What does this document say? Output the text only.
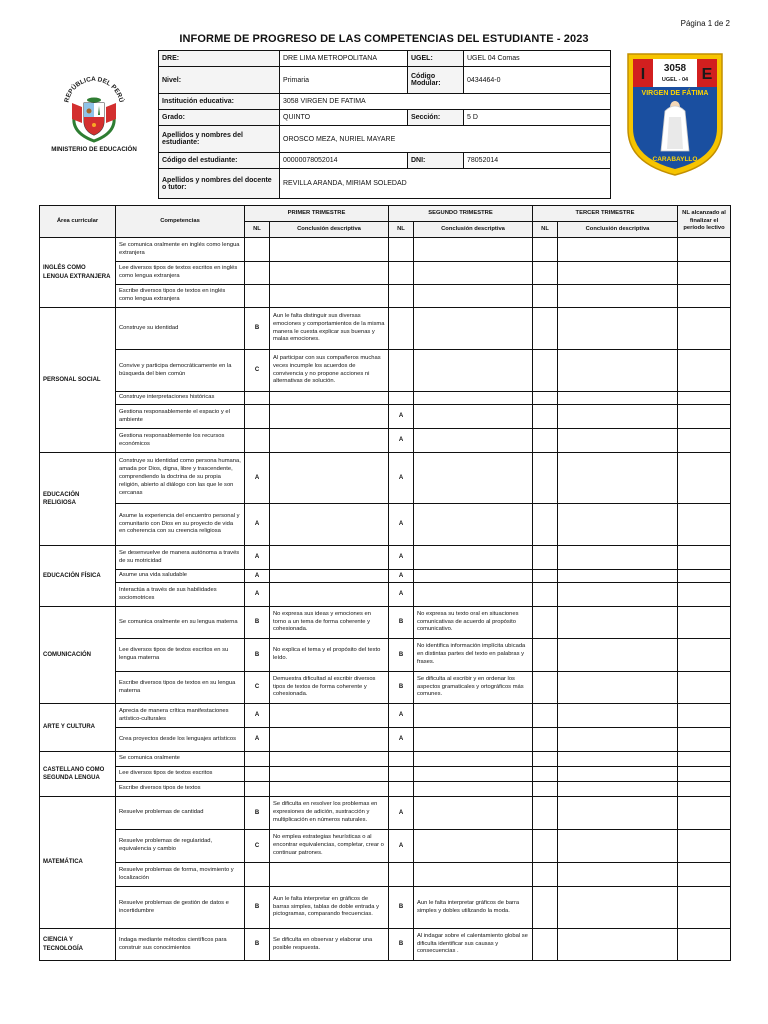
Página 1 de 2
INFORME DE PROGRESO DE LAS COMPETENCIAS DEL ESTUDIANTE - 2023
REPÚBLICA DEL PERÚ
MINISTERIO DE EDUCACIÓN
I	E
3058
UGEL - 04
VIRGEN DE FÁTIMA
CARABAYLLO
DRE:	DRE LIMA METROPOLITANA	UGEL:	UGEL 04 Comas
Nivel:	Primaria	Código Modular:	0434464-0
Institución educativa:	3058 VIRGEN DE FATIMA		
Grado:	QUINTO	Sección:	5 D
Apellidos y nombres del estudiante:	OROSCO MEZA, NURIEL MAYARE		
Código del estudiante:	00000078052014	DNI:	78052014
Apellidos y nombres del docente o tutor:	REVILLA ARANDA, MIRIAM SOLEDAD		
Área curricular	Competencias	PRIMER TRIMESTRE		SEGUNDO TRIMESTRE		TERCER TRIMESTRE		NL alcanzado al finalizar el período lectivo
		NL	Conclusión descriptiva	NL	Conclusión descriptiva	NL	Conclusión descriptiva	
INGLÉS COMO LENGUA EXTRANJERA	Se comunica oralmente en inglés como lengua extranjera							
	Lee diversos tipos de textos escritos en inglés como lengua extranjera							
	Escribe diversos tipos de textos en inglés como lengua extranjera							
PERSONAL SOCIAL	Construye su identidad	B	Aun le falta distinguir sus diversas emociones y comportamientos de la misma manera le cuesta explicar sus buenas y malas emociones.					
	Convive y participa democráticamente en la búsqueda del bien común	C	Al participar con sus compañeros muchas veces incumple los acuerdos de convivencia y no propone acciones ni alternativas de solución.					
	Construye interpretaciones históricas							
	Gestiona responsablemente el espacio y el ambiente			A				
	Gestiona responsablemente los recursos económicos			A				
EDUCACIÓN RELIGIOSA	Construye su identidad como persona humana, amada por Dios, digna, libre y trascendente, comprendiendo la doctrina de su propia religión, abierto al diálogo con las que le son cercanas	A		A				
	Asume la experiencia del encuentro personal y comunitario con Dios en su proyecto de vida en coherencia con su creencia religiosa	A		A				
EDUCACIÓN FÍSICA	Se desenvuelve de manera autónoma a través de su motricidad	A		A				
	Asume una vida saludable	A		A				
	Interactúa a través de sus habilidades sociomotrices	A		A				
COMUNICACIÓN	Se comunica oralmente en su lengua materna	B	No expresa sus ideas y emociones en torno a un tema de forma coherente y cohesionada.	B	No expresa su texto oral en situaciones comunicativas de acuerdo al propósito comunicativo.			
	Lee diversos tipos de textos escritos en su lengua materna	B	No explica el tema y el propósito del texto leído.	B	No identifica información implícita ubicada en distintas partes del texto en palabras y frases.			
	Escribe diversos tipos de textos en su lengua materna	C	Demuestra dificultad al escribir diversos tipos de textos de forma coherente y cohesionada.	B	Se dificulta al escribir y en ordenar los aspectos gramaticales y ortográficos más comunes.			
ARTE Y CULTURA	Aprecia de manera crítica manifestaciones artístico-culturales	A		A				
	Crea proyectos desde los lenguajes artísticos	A		A				
CASTELLANO COMO SEGUNDA LENGUA	Se comunica oralmente							
	Lee diversos tipos de textos escritos							
	Escribe diversos tipos de textos							
MATEMÁTICA	Resuelve problemas de cantidad	B	Se dificulta en resolver los problemas en expresiones de adición, sustracción y multiplicación en números naturales.	A				
	Resuelve problemas de regularidad, equivalencia y cambio	C	No emplea estrategias heurísticas o al encontrar equivalencias, completar, crear o continuar patrones.	A				
	Resuelve problemas de forma, movimiento y localización							
	Resuelve problemas de gestión de datos e incertidumbre	B	Aun le falta interpretar en gráficos de barras simples, tablas de doble entrada y pictogramas, comparando frecuencias.	B	Aun le falta interpretar gráficos de barra simples y dobles utilizando la moda.			
CIENCIA Y TECNOLOGÍA	Indaga mediante métodos científicos para construir sus conocimientos	B	Se dificulta en observar y elaborar una posible respuesta.	B	Al indagar sobre el calentamiento global se dificulta identificar sus causas y consecuencias .			
